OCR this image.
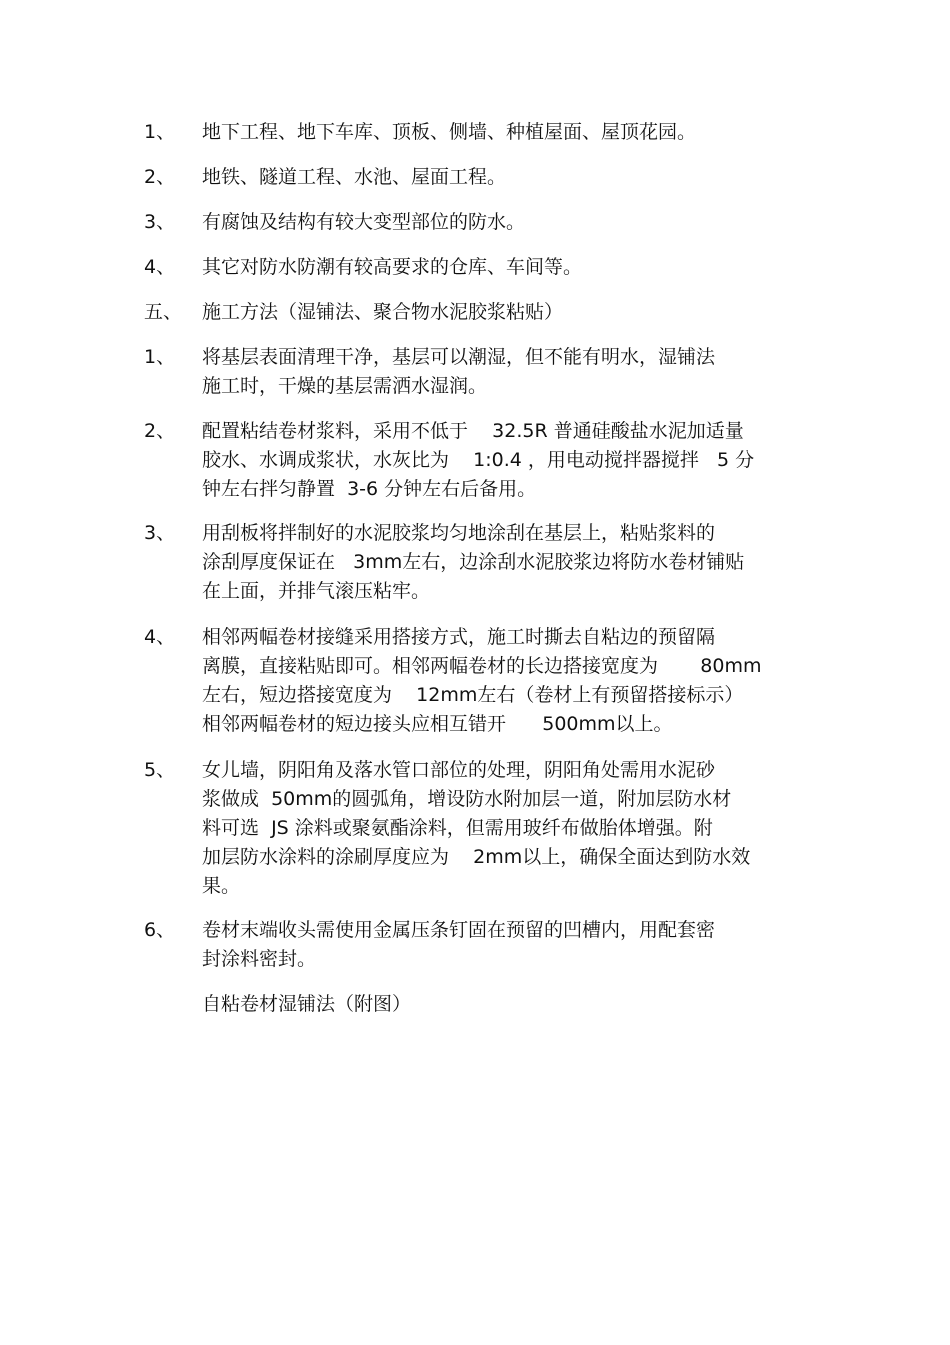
1、 地下工程、地下车库、顶板、侧墙、种植屋面、屋顶花园。
2、 地铁、隧道工程、水池、屋面工程。
3、 有腐蚀及结构有较大变型部位的防水。
4、 其它对防水防潮有较高要求的仓库、车间等。
五、 施工方法（湿铺法、聚合物水泥胶浆粘贴）
1、 将基层表面清理干净，基层可以潮湿，但不能有明水，湿铺法
施工时，干燥的基层需洒水湿润。
2、 配置粘结卷材浆料，采用不低于    32.5R 普通硅酸盐水泥加适量
胶水、水调成浆状，水灰比为    1:0.4 ，用电动搅拌器搅拌   5 分
钟左右拌匀静置  3-6 分钟左右后备用。
3、 用刮板将拌制好的水泥胶浆均匀地涂刮在基层上，粘贴浆料的
涂刮厚度保证在   3mm左右，边涂刮水泥胶浆边将防水卷材铺贴
在上面，并排气滚压粘牢。
4、 相邻两幅卷材接缝采用搭接方式，施工时撕去自粘边的预留隔
离膜，直接粘贴即可。相邻两幅卷材的长边搭接宽度为       80mm
左右，短边搭接宽度为    12mm左右（卷材上有预留搭接标示）
相邻两幅卷材的短边接头应相互错开      500mm以上。
5、 女儿墙，阴阳角及落水管口部位的处理，阴阳角处需用水泥砂
浆做成  50mm的圆弧角，增设防水附加层一道，附加层防水材
料可选  JS 涂料或聚氨酯涂料，但需用玻纤布做胎体增强。附
加层防水涂料的涂刷厚度应为    2mm以上，确保全面达到防水效
果。
6、 卷材末端收头需使用金属压条钉固在预留的凹槽内，用配套密
封涂料密封。
自粘卷材湿铺法（附图）
